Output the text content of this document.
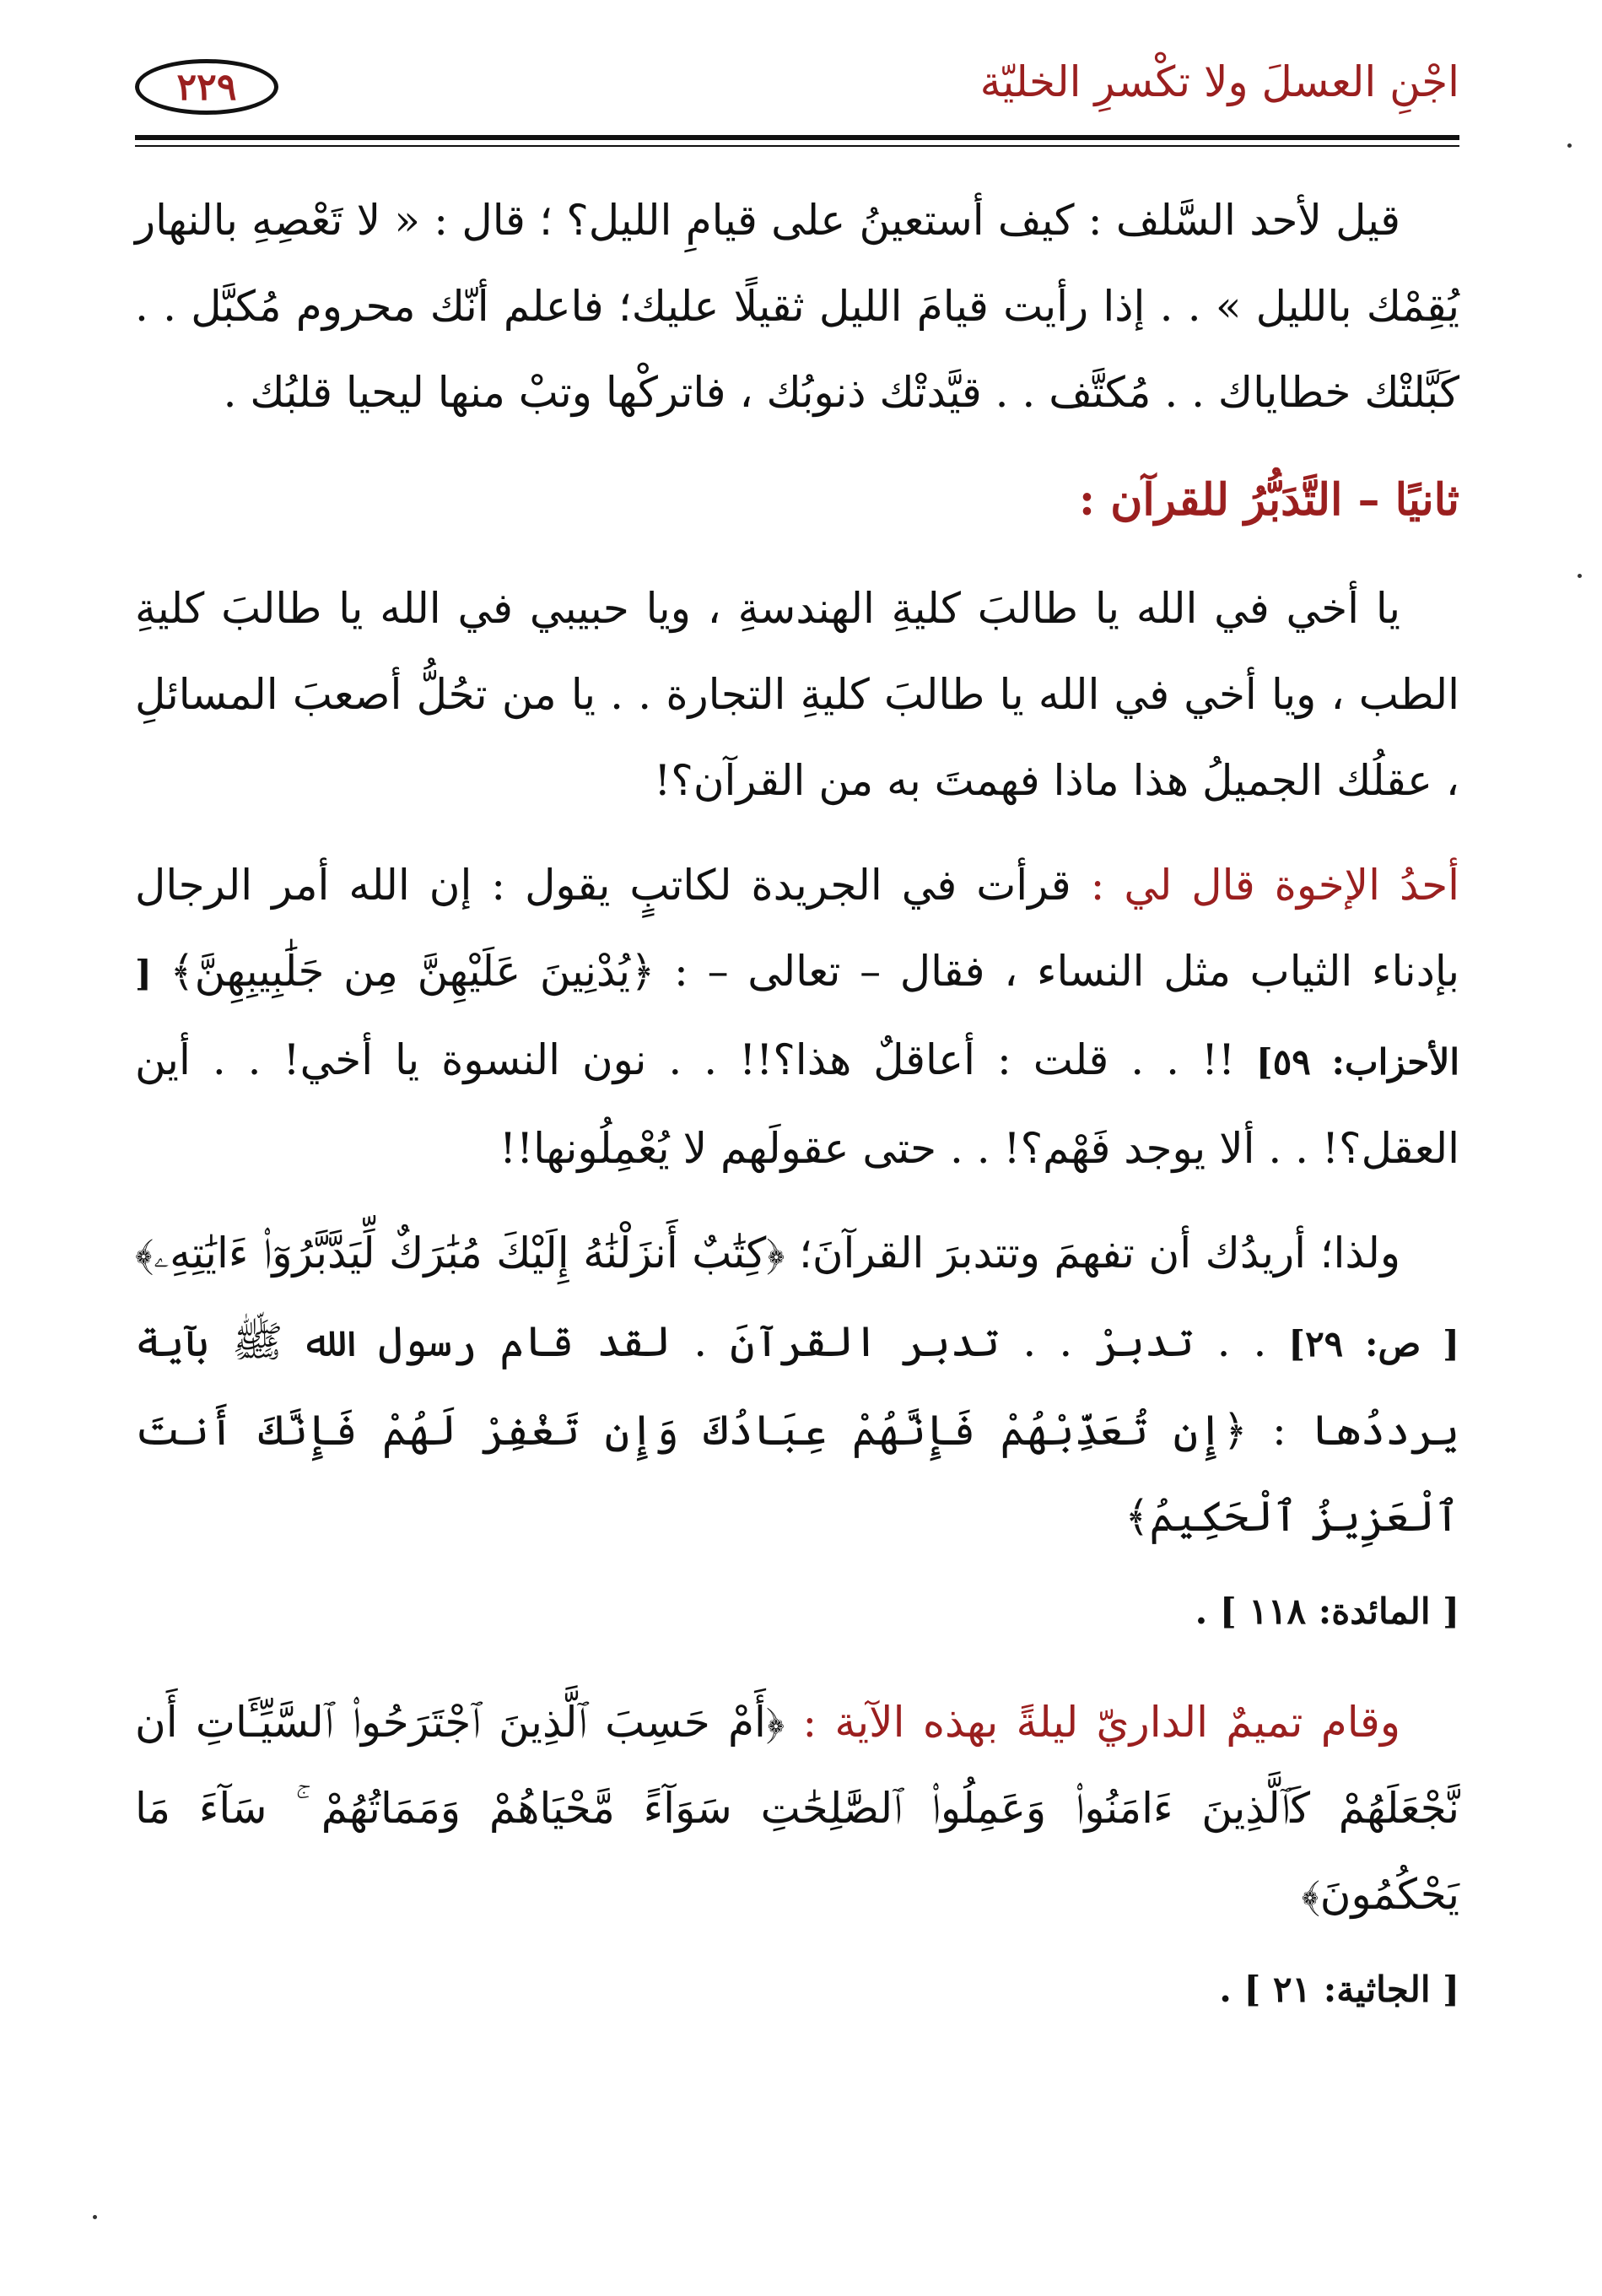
اجْنِ العسلَ ولا تكْسرِ الخليّة
٢٢٩

قيل لأحد السَّلف : كيف أستعينُ على قيامِ الليل؟ ؛ قال : « لا تَعْصِهِ بالنهار يُقِمْك بالليل » . . إذا رأيت قيامَ الليل ثقيلًا عليك؛ فاعلم أنّك محروم مُكبَّل . . كَبَّلتْك خطاياك . . مُكتَّف . . قيَّدتْك ذنوبُك ، فاتركْها وتبْ منها ليحيا قلبُك .

ثانيًا – التَّدَبُّرُ للقرآن :

يا أخي في الله يا طالبَ كليةِ الهندسةِ ، ويا حبيبي في الله يا طالبَ كليةِ الطب ، ويا أخي في الله يا طالبَ كليةِ التجارة . . يا من تحُلُّ أصعبَ المسائلِ ، عقلُك الجميلُ هذا ماذا فهمتَ به من القرآن؟!

أحدُ الإخوة قال لي : قرأت في الجريدة لكاتبٍ يقول : إن الله أمر الرجال بإدناء الثياب مثل النساء ، فقال – تعالى – : ﴿يُدْنِينَ عَلَيْهِنَّ مِن جَلَٰبِيبِهِنَّ﴾ [ الأحزاب: ٥٩] !! . . قلت : أعاقلٌ هذا؟!! . . نون النسوة يا أخي! . . أين العقل؟! . . ألا يوجد فَهْم؟! . . حتى عقولَهم لا يُعْمِلُونها!!

ولذا؛ أريدُك أن تفهمَ وتتدبرَ القرآنَ؛ ﴿كِتَٰبٌ أَنزَلْنَٰهُ إِلَيْكَ مُبَٰرَكٌ لِّيَدَّبَّرُوٓا۟ ءَايَٰتِهِۦ﴾ [ ص: ٢٩] . . تدبرْ . . تدبر القرآنَ . لقد قام رسول الله ﷺ بآية يرددُها : ﴿إِن تُعَذِّبْهُمْ فَإِنَّهُمْ عِبَادُكَ وَإِن تَغْفِرْ لَهُمْ فَإِنَّكَ أَنتَ ٱلْعَزِيزُ ٱلْحَكِيمُ﴾

[ المائدة: ١١٨ ] .

وقام تميمٌ الداريّ ليلةً بهذه الآية : ﴿أَمْ حَسِبَ ٱلَّذِينَ ٱجْتَرَحُوا۟ ٱلسَّيِّـَٔاتِ أَن نَّجْعَلَهُمْ كَٱلَّذِينَ ءَامَنُوا۟ وَعَمِلُوا۟ ٱلصَّٰلِحَٰتِ سَوَآءً مَّحْيَاهُمْ وَمَمَاتُهُمْ ۚ سَآءَ مَا يَحْكُمُونَ﴾

[ الجاثية: ٢١ ] .
